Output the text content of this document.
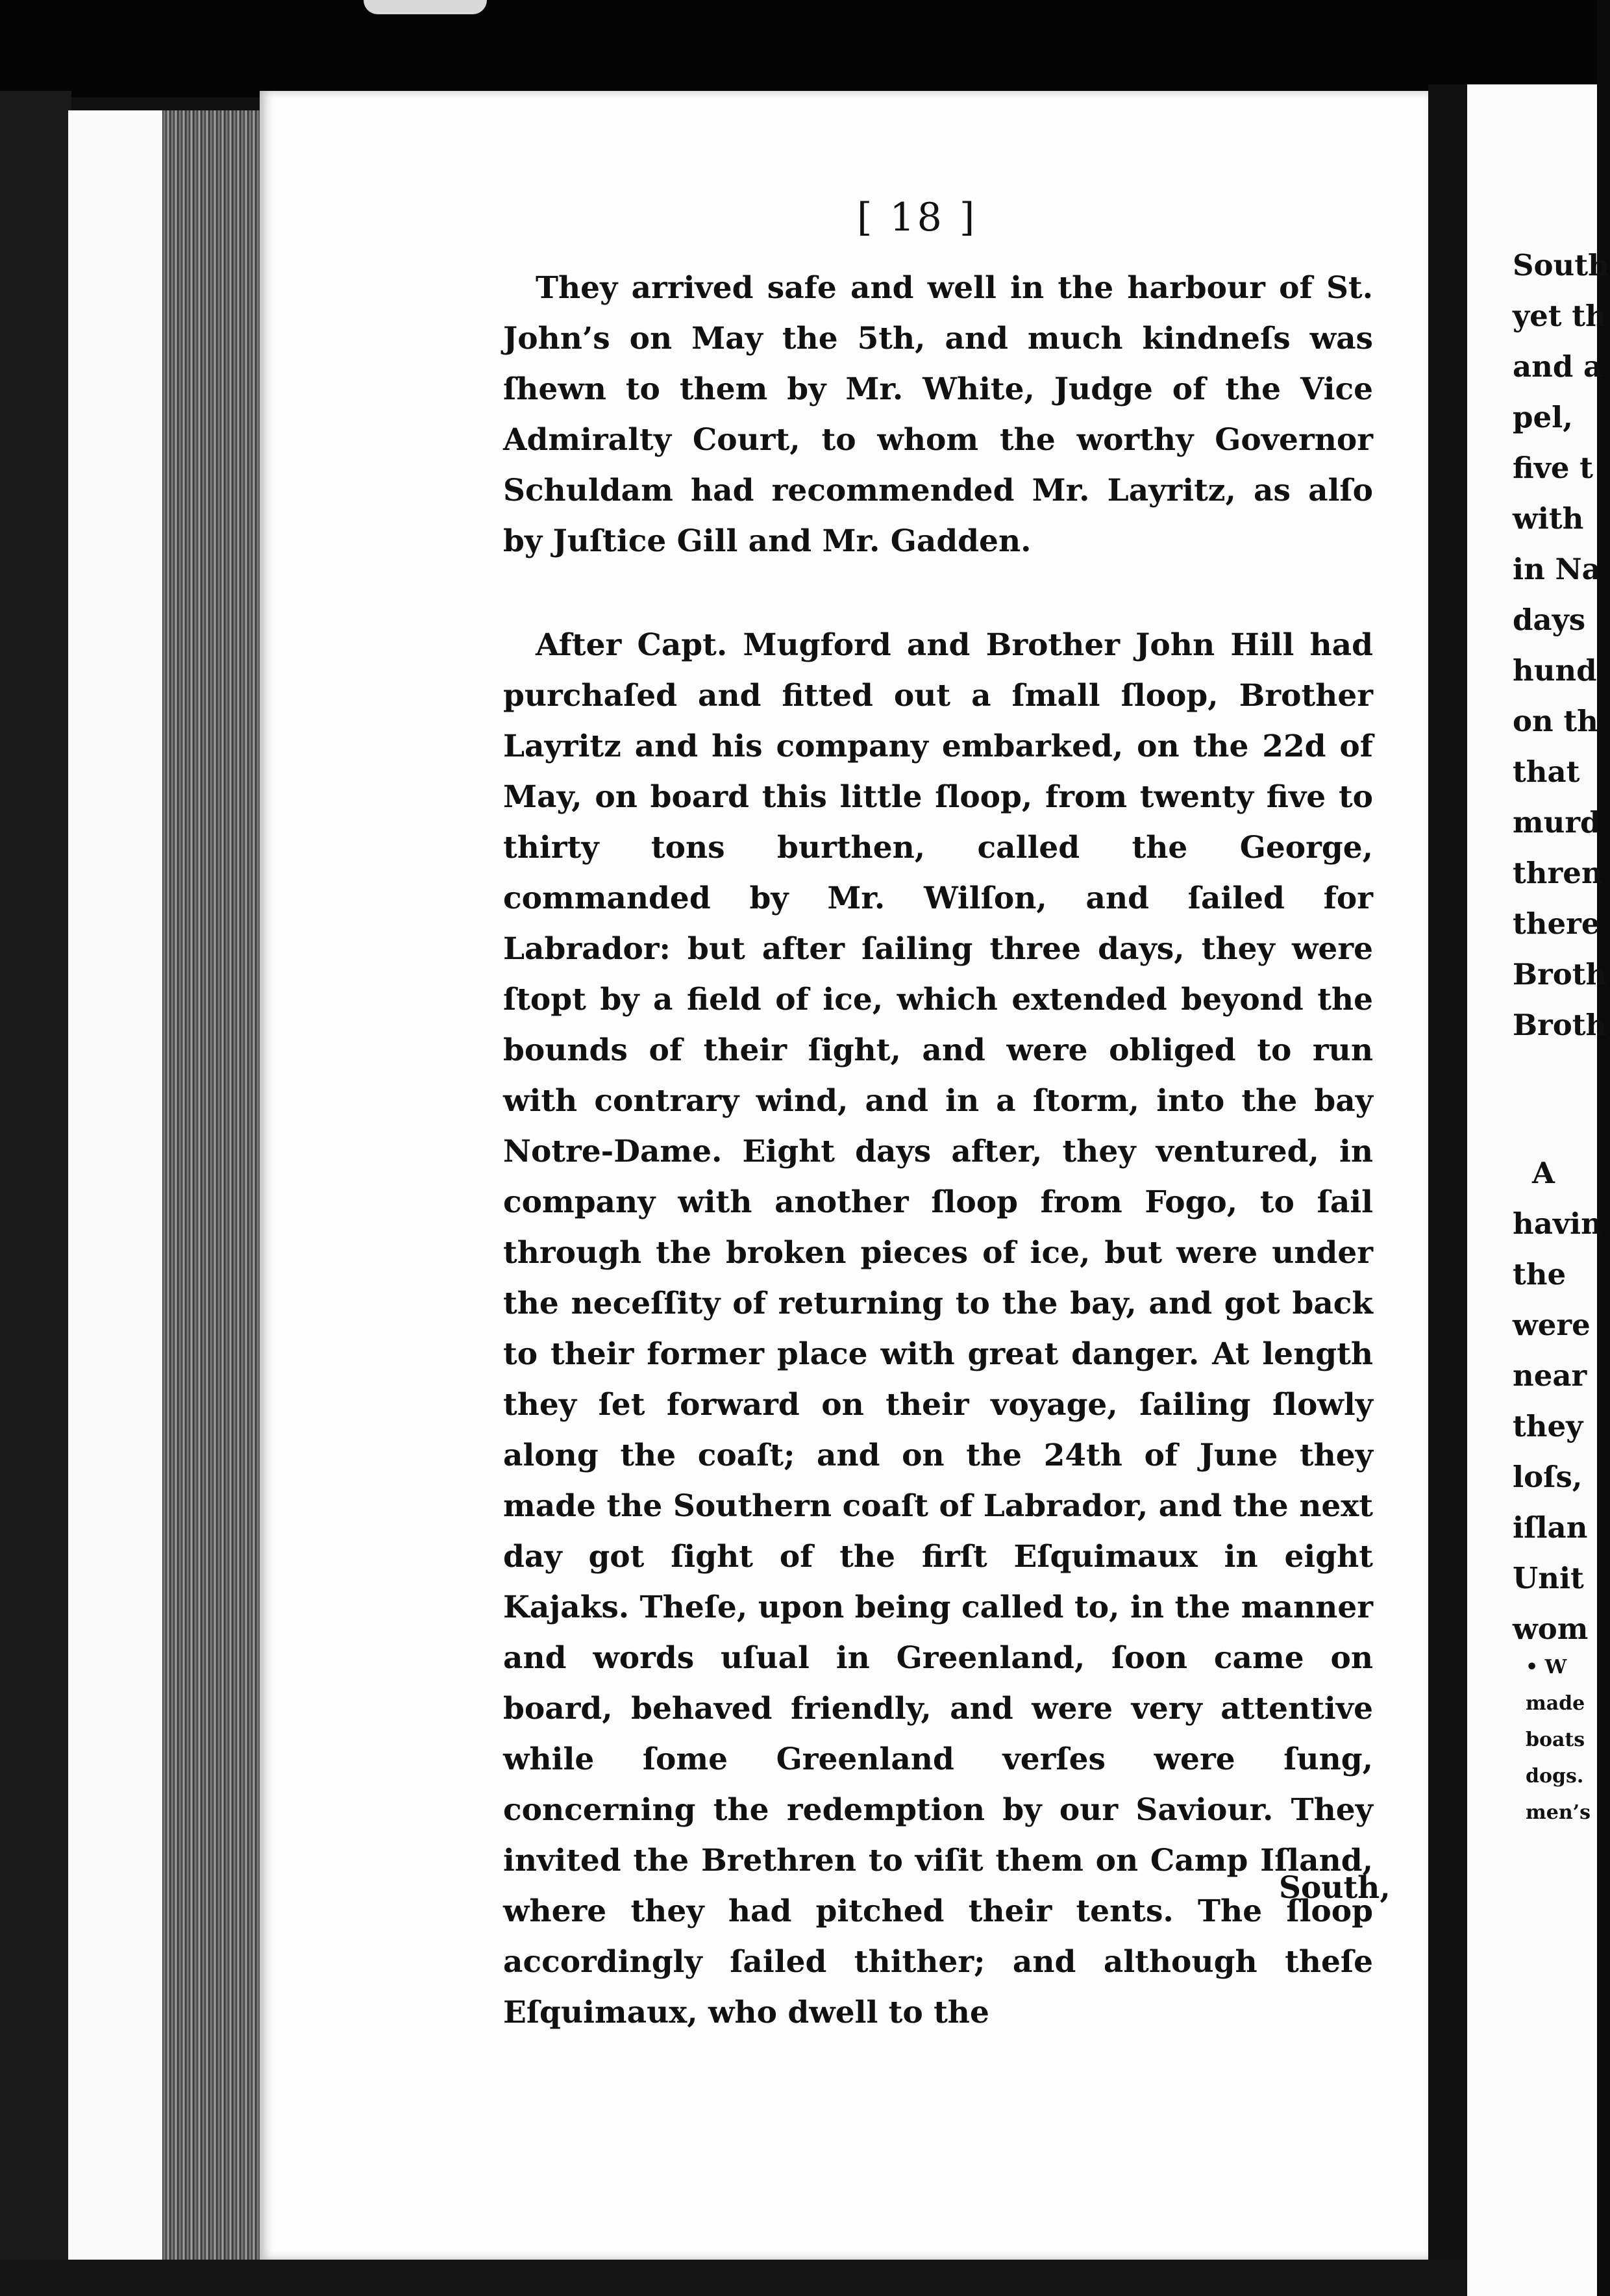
[ 18 ]

They arrived safe and well in the harbour of St. John’s on May the 5th, and much kindneſs was ſhewn to them by Mr. White, Judge of the Vice Admiralty Court, to whom the worthy Governor Schuldam had recommended Mr. Layritz, as alſo by Juſtice Gill and Mr. Gadden.

After Capt. Mugford and Brother John Hill had purchaſed and fitted out a ſmall ſloop, Brother Layritz and his company embarked, on the 22d of May, on board this little ſloop, from twenty five to thirty tons burthen, called the George, commanded by Mr. Wilſon, and ſailed for Labrador: but after ſailing three days, they were ſtopt by a field of ice, which extended beyond the bounds of their ſight, and were obliged to run with contrary wind, and in a ſtorm, into the bay Notre-Dame. Eight days after, they ventured, in company with another ſloop from Fogo, to ſail through the broken pieces of ice, but were under the neceſſity of returning to the bay, and got back to their former place with great danger. At length they ſet forward on their voyage, ſailing ſlowly along the coaſt; and on the 24th of June they made the Southern coaſt of Labrador, and the next day got ſight of the firſt Eſquimaux in eight Kajaks. Theſe, upon being called to, in the manner and words uſual in Greenland, ſoon came on board, behaved friendly, and were very attentive while ſome Greenland verſes were ſung, concerning the redemption by our Saviour. They invited the Brethren to viſit them on Camp Iſland, where they had pitched their tents. The ſloop accordingly ſailed thither; and although theſe Eſquimaux, who dwell to the

South,
South
yet th
and a
pel,
five t
with
in Na
days
hund
on th
that
murd
thren
there
Broth
Broth
A
havin
the
were
near
they
loſs,
iſlan
Unit
wom
• W
made
boats
dogs.
men’s
